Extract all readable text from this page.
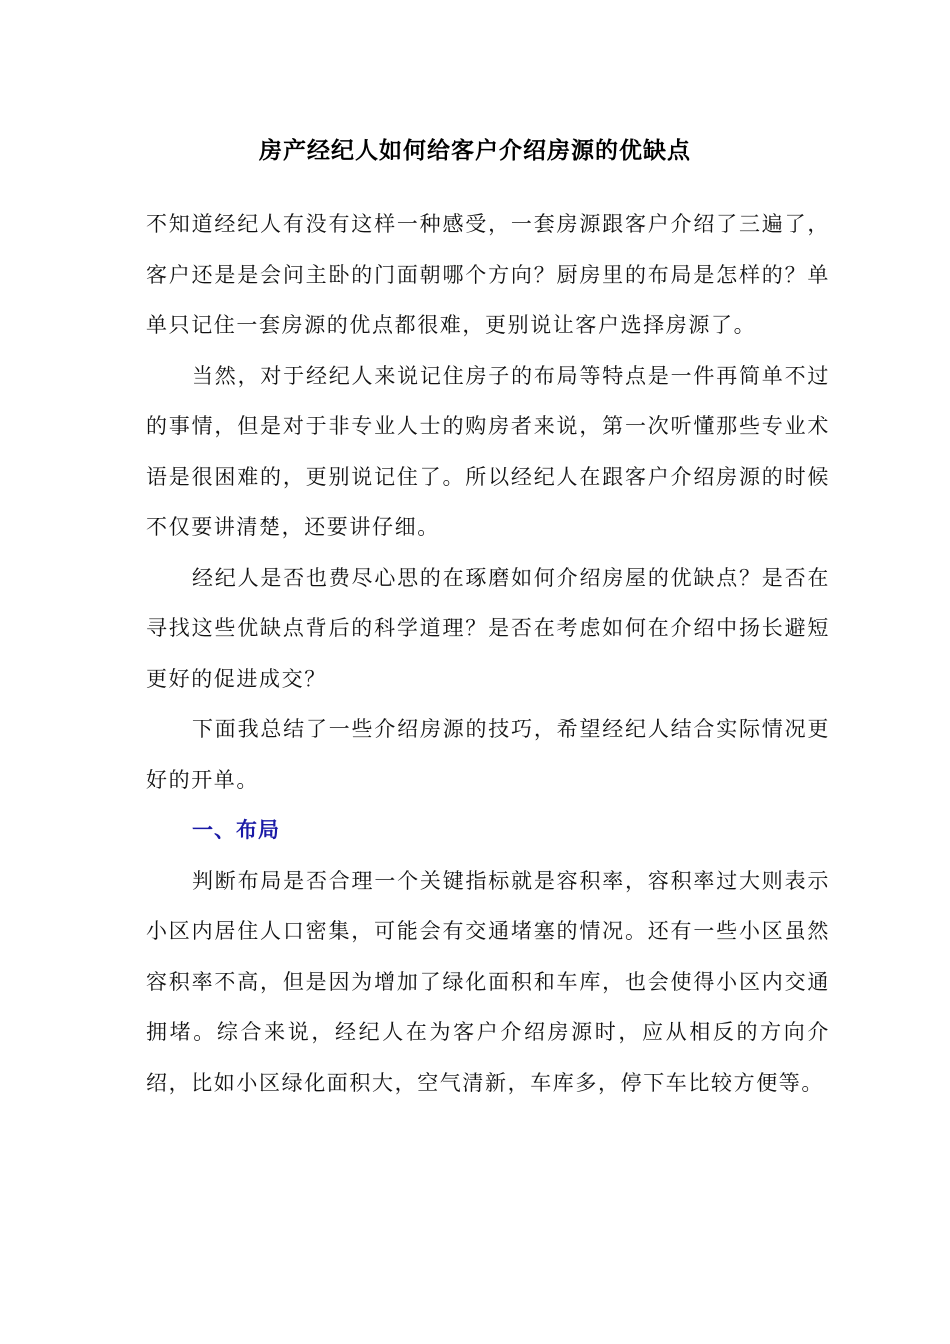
房产经纪人如何给客户介绍房源的优缺点

不知道经纪人有没有这样一种感受，一套房源跟客户介绍了三遍了，客户还是是会问主卧的门面朝哪个方向？厨房里的布局是怎样的？单单只记住一套房源的优点都很难，更别说让客户选择房源了。

当然，对于经纪人来说记住房子的布局等特点是一件再简单不过的事情，但是对于非专业人士的购房者来说，第一次听懂那些专业术语是很困难的，更别说记住了。所以经纪人在跟客户介绍房源的时候不仅要讲清楚，还要讲仔细。

经纪人是否也费尽心思的在琢磨如何介绍房屋的优缺点？是否在寻找这些优缺点背后的科学道理？是否在考虑如何在介绍中扬长避短更好的促进成交？

下面我总结了一些介绍房源的技巧，希望经纪人结合实际情况更好的开单。

一、布局

判断布局是否合理一个关键指标就是容积率，容积率过大则表示小区内居住人口密集，可能会有交通堵塞的情况。还有一些小区虽然容积率不高，但是因为增加了绿化面积和车库，也会使得小区内交通拥堵。综合来说，经纪人在为客户介绍房源时，应从相反的方向介绍，比如小区绿化面积大，空气清新，车库多，停下车比较方便等。
